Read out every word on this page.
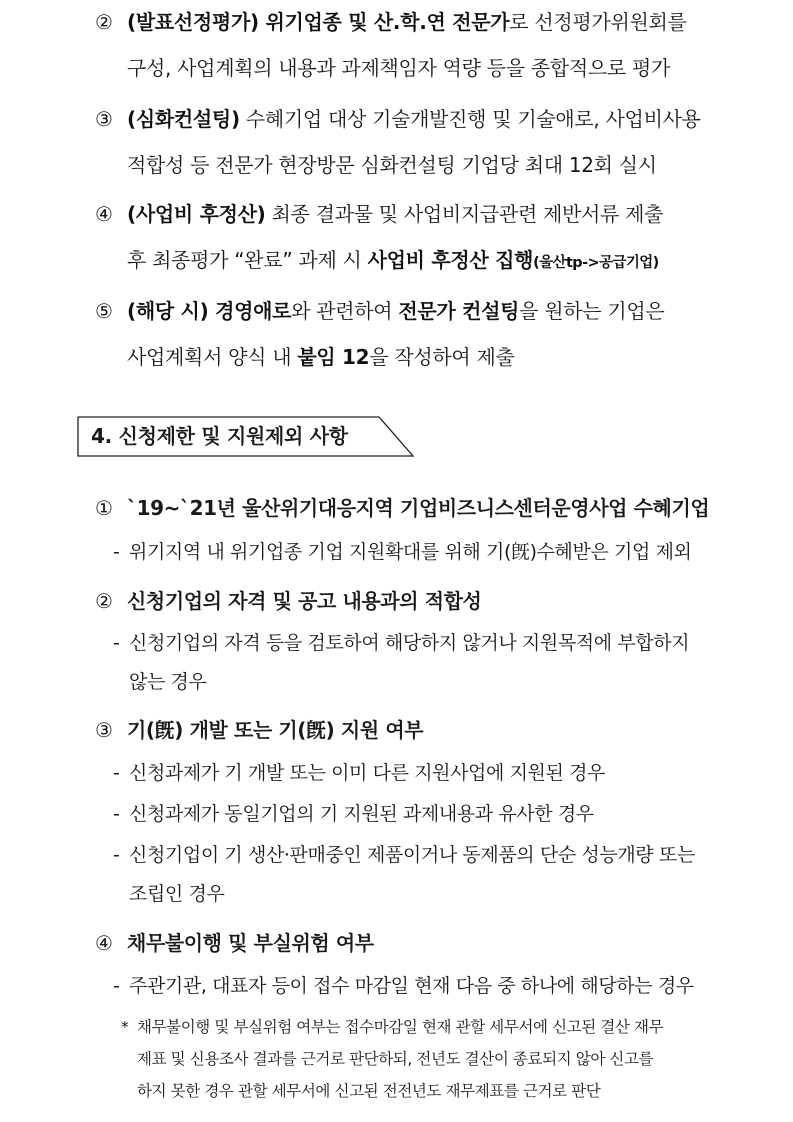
② (발표선정평가) 위기업종 및 산.학.연 전문가로 선정평가위원회를
구성, 사업계획의 내용과 과제책임자 역량 등을 종합적으로 평가
③ (심화컨설팅) 수혜기업 대상 기술개발진행 및 기술애로, 사업비사용
적합성 등 전문가 현장방문 심화컨설팅 기업당 최대 12회 실시
④ (사업비 후정산) 최종 결과물 및 사업비지급관련 제반서류 제출
후 최종평가 “완료” 과제 시 사업비 후정산 집행(울산tp->공급기업)
⑤ (해당 시) 경영애로와 관련하여 전문가 컨설팅을 원하는 기업은
사업계획서 양식 내 붙임 12을 작성하여 제출
4. 신청제한 및 지원제외 사항
① `19~`21년 울산위기대응지역 기업비즈니스센터운영사업 수혜기업
- 위기지역 내 위기업종 기업 지원확대를 위해 기(旣)수혜받은 기업 제외
② 신청기업의 자격 및 공고 내용과의 적합성
- 신청기업의 자격 등을 검토하여 해당하지 않거나 지원목적에 부합하지
않는 경우
③ 기(旣) 개발 또는 기(旣) 지원 여부
- 신청과제가 기 개발 또는 이미 다른 지원사업에 지원된 경우
- 신청과제가 동일기업의 기 지원된 과제내용과 유사한 경우
- 신청기업이 기 생산·판매중인 제품이거나 동제품의 단순 성능개량 또는
조립인 경우
④ 채무불이행 및 부실위험 여부
- 주관기관, 대표자 등이 접수 마감일 현재 다음 중 하나에 해당하는 경우
* 채무불이행 및 부실위험 여부는 접수마감일 현재 관할 세무서에 신고된 결산 재무
제표 및 신용조사 결과를 근거로 판단하되, 전년도 결산이 종료되지 않아 신고를
하지 못한 경우 관할 세무서에 신고된 전전년도 재무제표를 근거로 판단
